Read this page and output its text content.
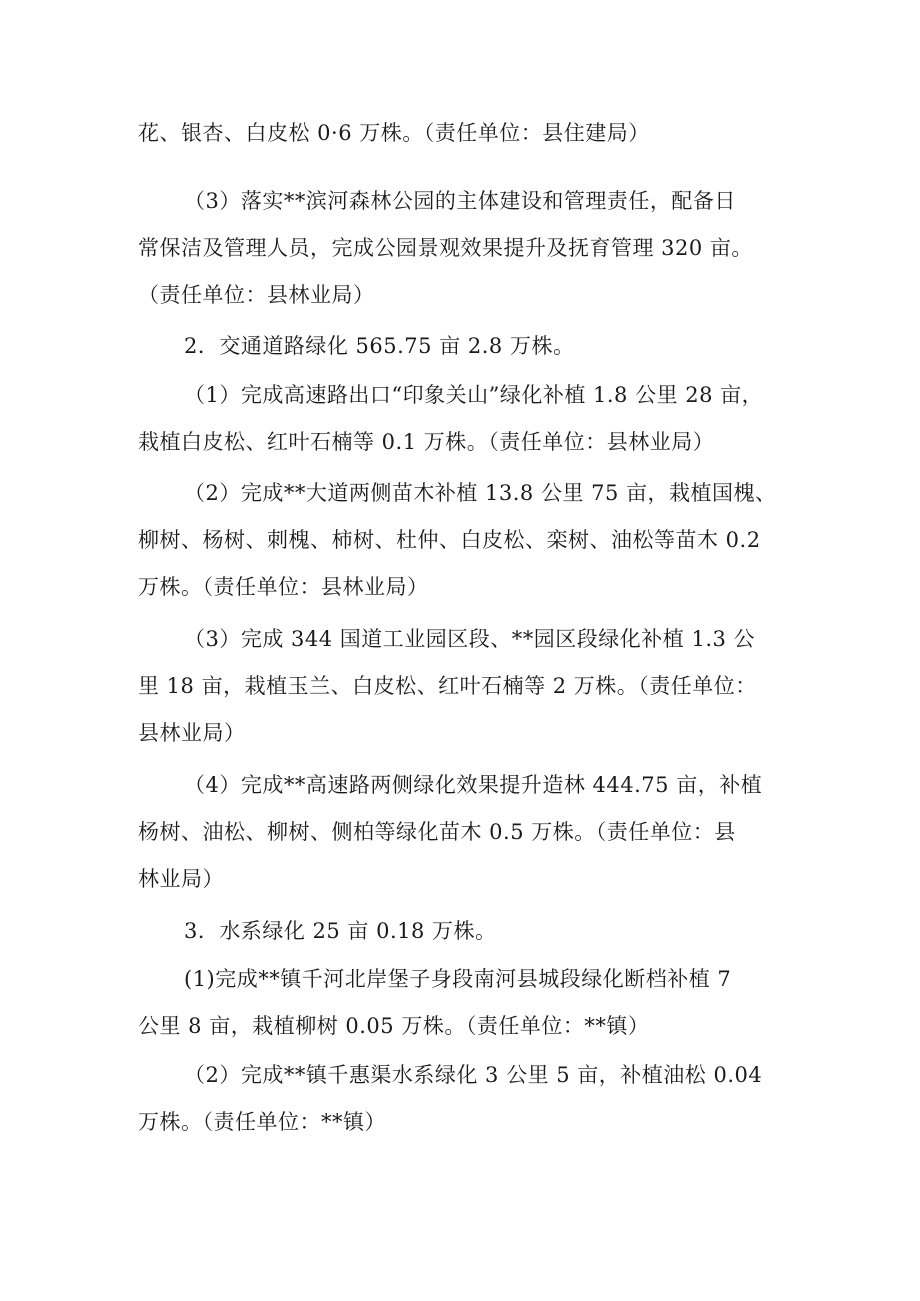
花、银杏、白皮松 0·6 万株。（责任单位：县住建局）

（3）落实**滨河森林公园的主体建设和管理责任，配备日
常保洁及管理人员，完成公园景观效果提升及抚育管理 320 亩。
（责任单位：县林业局）

2．交通道路绿化 565.75 亩 2.8 万株。

（1）完成高速路出口“印象关山”绿化补植 1.8 公里 28 亩，
栽植白皮松、红叶石楠等 0.1 万株。（责任单位：县林业局）

（2）完成**大道两侧苗木补植 13.8 公里 75 亩，栽植国槐、
柳树、杨树、刺槐、柿树、杜仲、白皮松、栾树、油松等苗木 0.2
万株。（责任单位：县林业局）

（3）完成 344 国道工业园区段、**园区段绿化补植 1.3 公
里 18 亩，栽植玉兰、白皮松、红叶石楠等 2 万株。（责任单位：
县林业局）

（4）完成**高速路两侧绿化效果提升造林 444.75 亩，补植
杨树、油松、柳树、侧柏等绿化苗木 0.5 万株。（责任单位：县
林业局）

3．水系绿化 25 亩 0.18 万株。

(1)完成**镇千河北岸堡子身段南河县城段绿化断档补植 7
公里 8 亩，栽植柳树 0.05 万株。（责任单位：**镇）

（2）完成**镇千惠渠水系绿化 3 公里 5 亩，补植油松 0.04
万株。（责任单位：**镇）
